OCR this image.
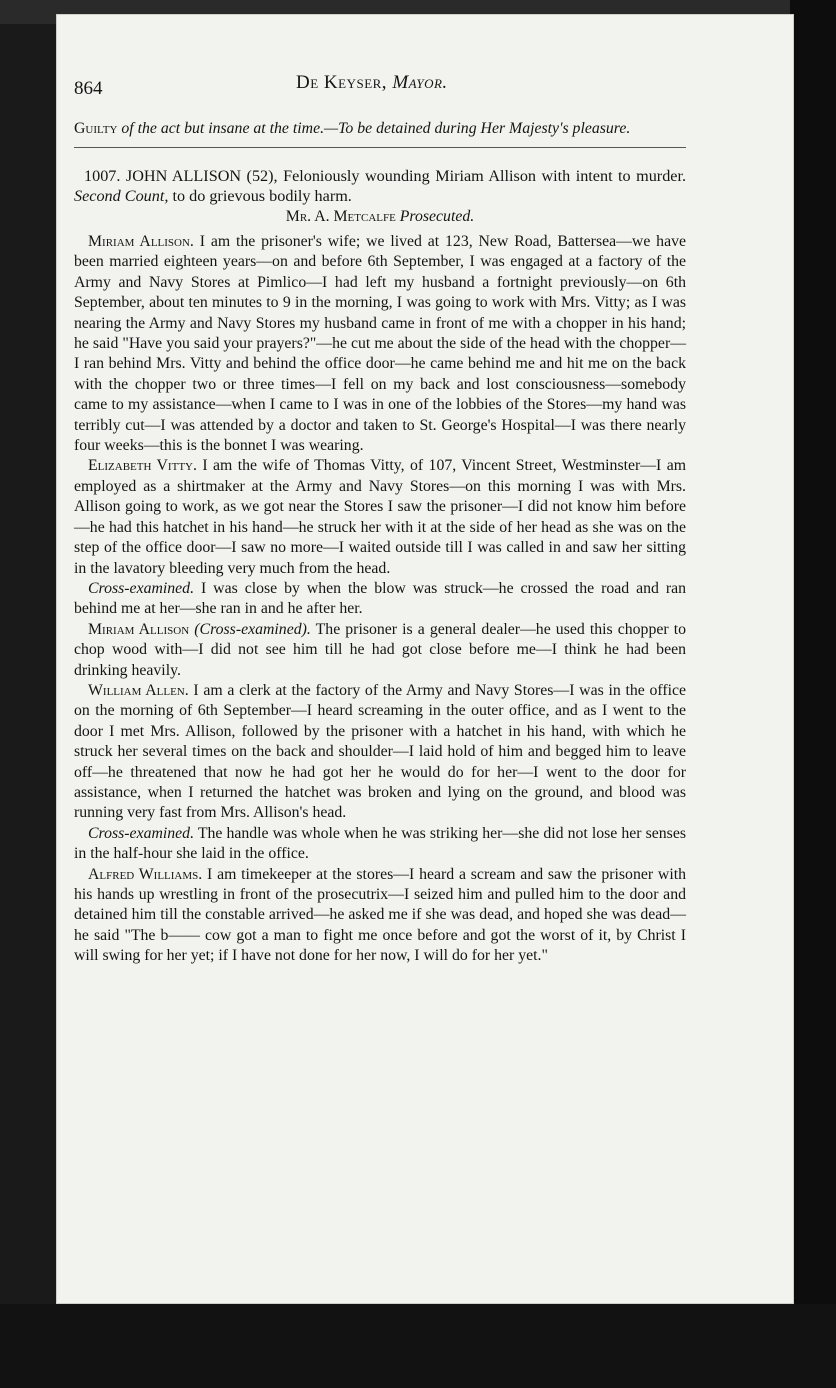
864	De Keyser, Mayor.

Guilty of the act but insane at the time.—To be detained during Her Majesty's pleasure.

1007. JOHN ALLISON (52), Feloniously wounding Miriam Allison with intent to murder. Second Count, to do grievous bodily harm.

Mr. A. Metcalfe Prosecuted.

Miriam Allison. I am the prisoner's wife; we lived at 123, New Road, Battersea—we have been married eighteen years—on and before 6th September, I was engaged at a factory of the Army and Navy Stores at Pimlico—I had left my husband a fortnight previously—on 6th September, about ten minutes to 9 in the morning, I was going to work with Mrs. Vitty; as I was nearing the Army and Navy Stores my husband came in front of me with a chopper in his hand; he said "Have you said your prayers?"—he cut me about the side of the head with the chopper—I ran behind Mrs. Vitty and behind the office door—he came behind me and hit me on the back with the chopper two or three times—I fell on my back and lost consciousness—somebody came to my assistance—when I came to I was in one of the lobbies of the Stores—my hand was terribly cut—I was attended by a doctor and taken to St. George's Hospital—I was there nearly four weeks—this is the bonnet I was wearing.

Elizabeth Vitty. I am the wife of Thomas Vitty, of 107, Vincent Street, Westminster—I am employed as a shirtmaker at the Army and Navy Stores—on this morning I was with Mrs. Allison going to work, as we got near the Stores I saw the prisoner—I did not know him before—he had this hatchet in his hand—he struck her with it at the side of her head as she was on the step of the office door—I saw no more—I waited outside till I was called in and saw her sitting in the lavatory bleeding very much from the head.

Cross-examined. I was close by when the blow was struck—he crossed the road and ran behind me at her—she ran in and he after her.

Miriam Allison (Cross-examined). The prisoner is a general dealer—he used this chopper to chop wood with—I did not see him till he had got close before me—I think he had been drinking heavily.

William Allen. I am a clerk at the factory of the Army and Navy Stores—I was in the office on the morning of 6th September—I heard screaming in the outer office, and as I went to the door I met Mrs. Allison, followed by the prisoner with a hatchet in his hand, with which he struck her several times on the back and shoulder—I laid hold of him and begged him to leave off—he threatened that now he had got her he would do for her—I went to the door for assistance, when I returned the hatchet was broken and lying on the ground, and blood was running very fast from Mrs. Allison's head.

Cross-examined. The handle was whole when he was striking her—she did not lose her senses in the half-hour she laid in the office.

Alfred Williams. I am timekeeper at the stores—I heard a scream and saw the prisoner with his hands up wrestling in front of the prosecutrix—I seized him and pulled him to the door and detained him till the constable arrived—he asked me if she was dead, and hoped she was dead—he said "The b—— cow got a man to fight me once before and got the worst of it, by Christ I will swing for her yet; if I have not done for her now, I will do for her yet."
